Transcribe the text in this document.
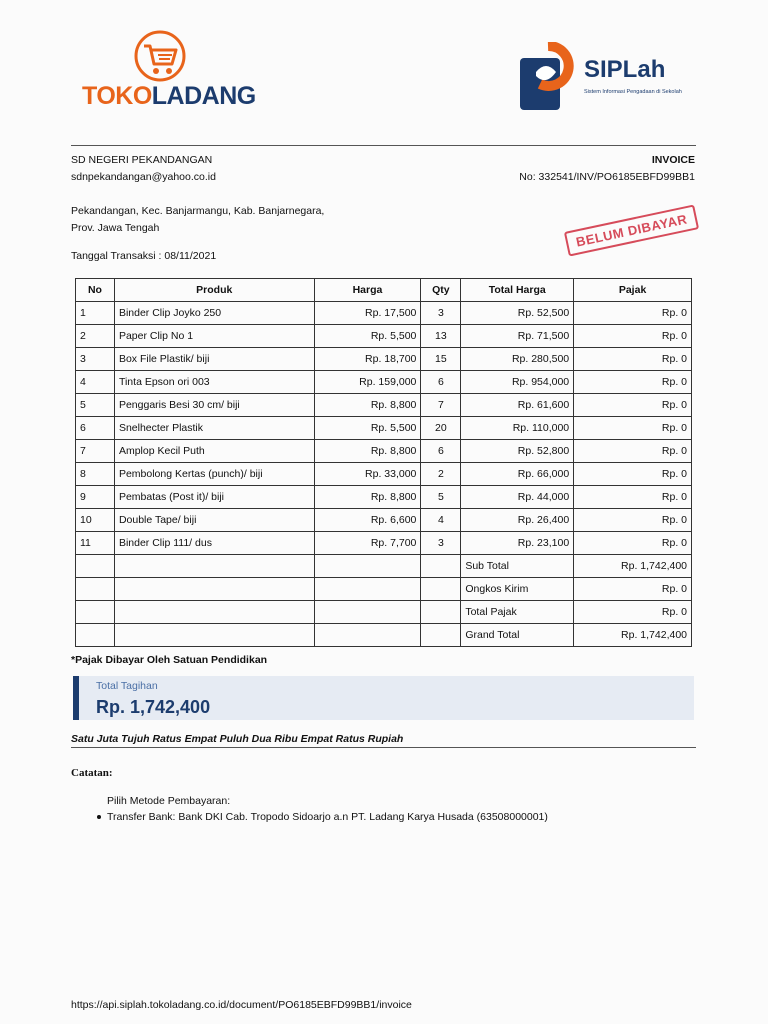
TOKOLADANG
SIPLah
Sistem Informasi Pengadaan di Sekolah
SD NEGERI PEKANDANGAN
sdnpekandangan@yahoo.co.id
Pekandangan, Kec. Banjarmangu, Kab. Banjarnegara,
Prov. Jawa Tengah
Tanggal Transaksi : 08/11/2021
INVOICE
No: 332541/INV/PO6185EBFD99BB1
BELUM DIBAYAR
No	Produk	Harga	Qty	Total Harga	Pajak
1	Binder Clip Joyko 250	Rp. 17,500	3	Rp. 52,500	Rp. 0
2	Paper Clip No 1	Rp. 5,500	13	Rp. 71,500	Rp. 0
3	Box File Plastik/ biji	Rp. 18,700	15	Rp. 280,500	Rp. 0
4	Tinta Epson ori 003	Rp. 159,000	6	Rp. 954,000	Rp. 0
5	Penggaris Besi 30 cm/ biji	Rp. 8,800	7	Rp. 61,600	Rp. 0
6	Snelhecter Plastik	Rp. 5,500	20	Rp. 110,000	Rp. 0
7	Amplop Kecil Puth	Rp. 8,800	6	Rp. 52,800	Rp. 0
8	Pembolong Kertas (punch)/ biji	Rp. 33,000	2	Rp. 66,000	Rp. 0
9	Pembatas (Post it)/ biji	Rp. 8,800	5	Rp. 44,000	Rp. 0
10	Double Tape/ biji	Rp. 6,600	4	Rp. 26,400	Rp. 0
11	Binder Clip 111/ dus	Rp. 7,700	3	Rp. 23,100	Rp. 0
				Sub Total	Rp. 1,742,400
				Ongkos Kirim	Rp. 0
				Total Pajak	Rp. 0
				Grand Total	Rp. 1,742,400
*Pajak Dibayar Oleh Satuan Pendidikan
Total Tagihan
Rp. 1,742,400
Satu Juta Tujuh Ratus Empat Puluh Dua Ribu Empat Ratus Rupiah
Catatan:
Pilih Metode Pembayaran:
Transfer Bank: Bank DKI Cab. Tropodo Sidoarjo a.n PT. Ladang Karya Husada (63508000001)
https://api.siplah.tokoladang.co.id/document/PO6185EBFD99BB1/invoice
